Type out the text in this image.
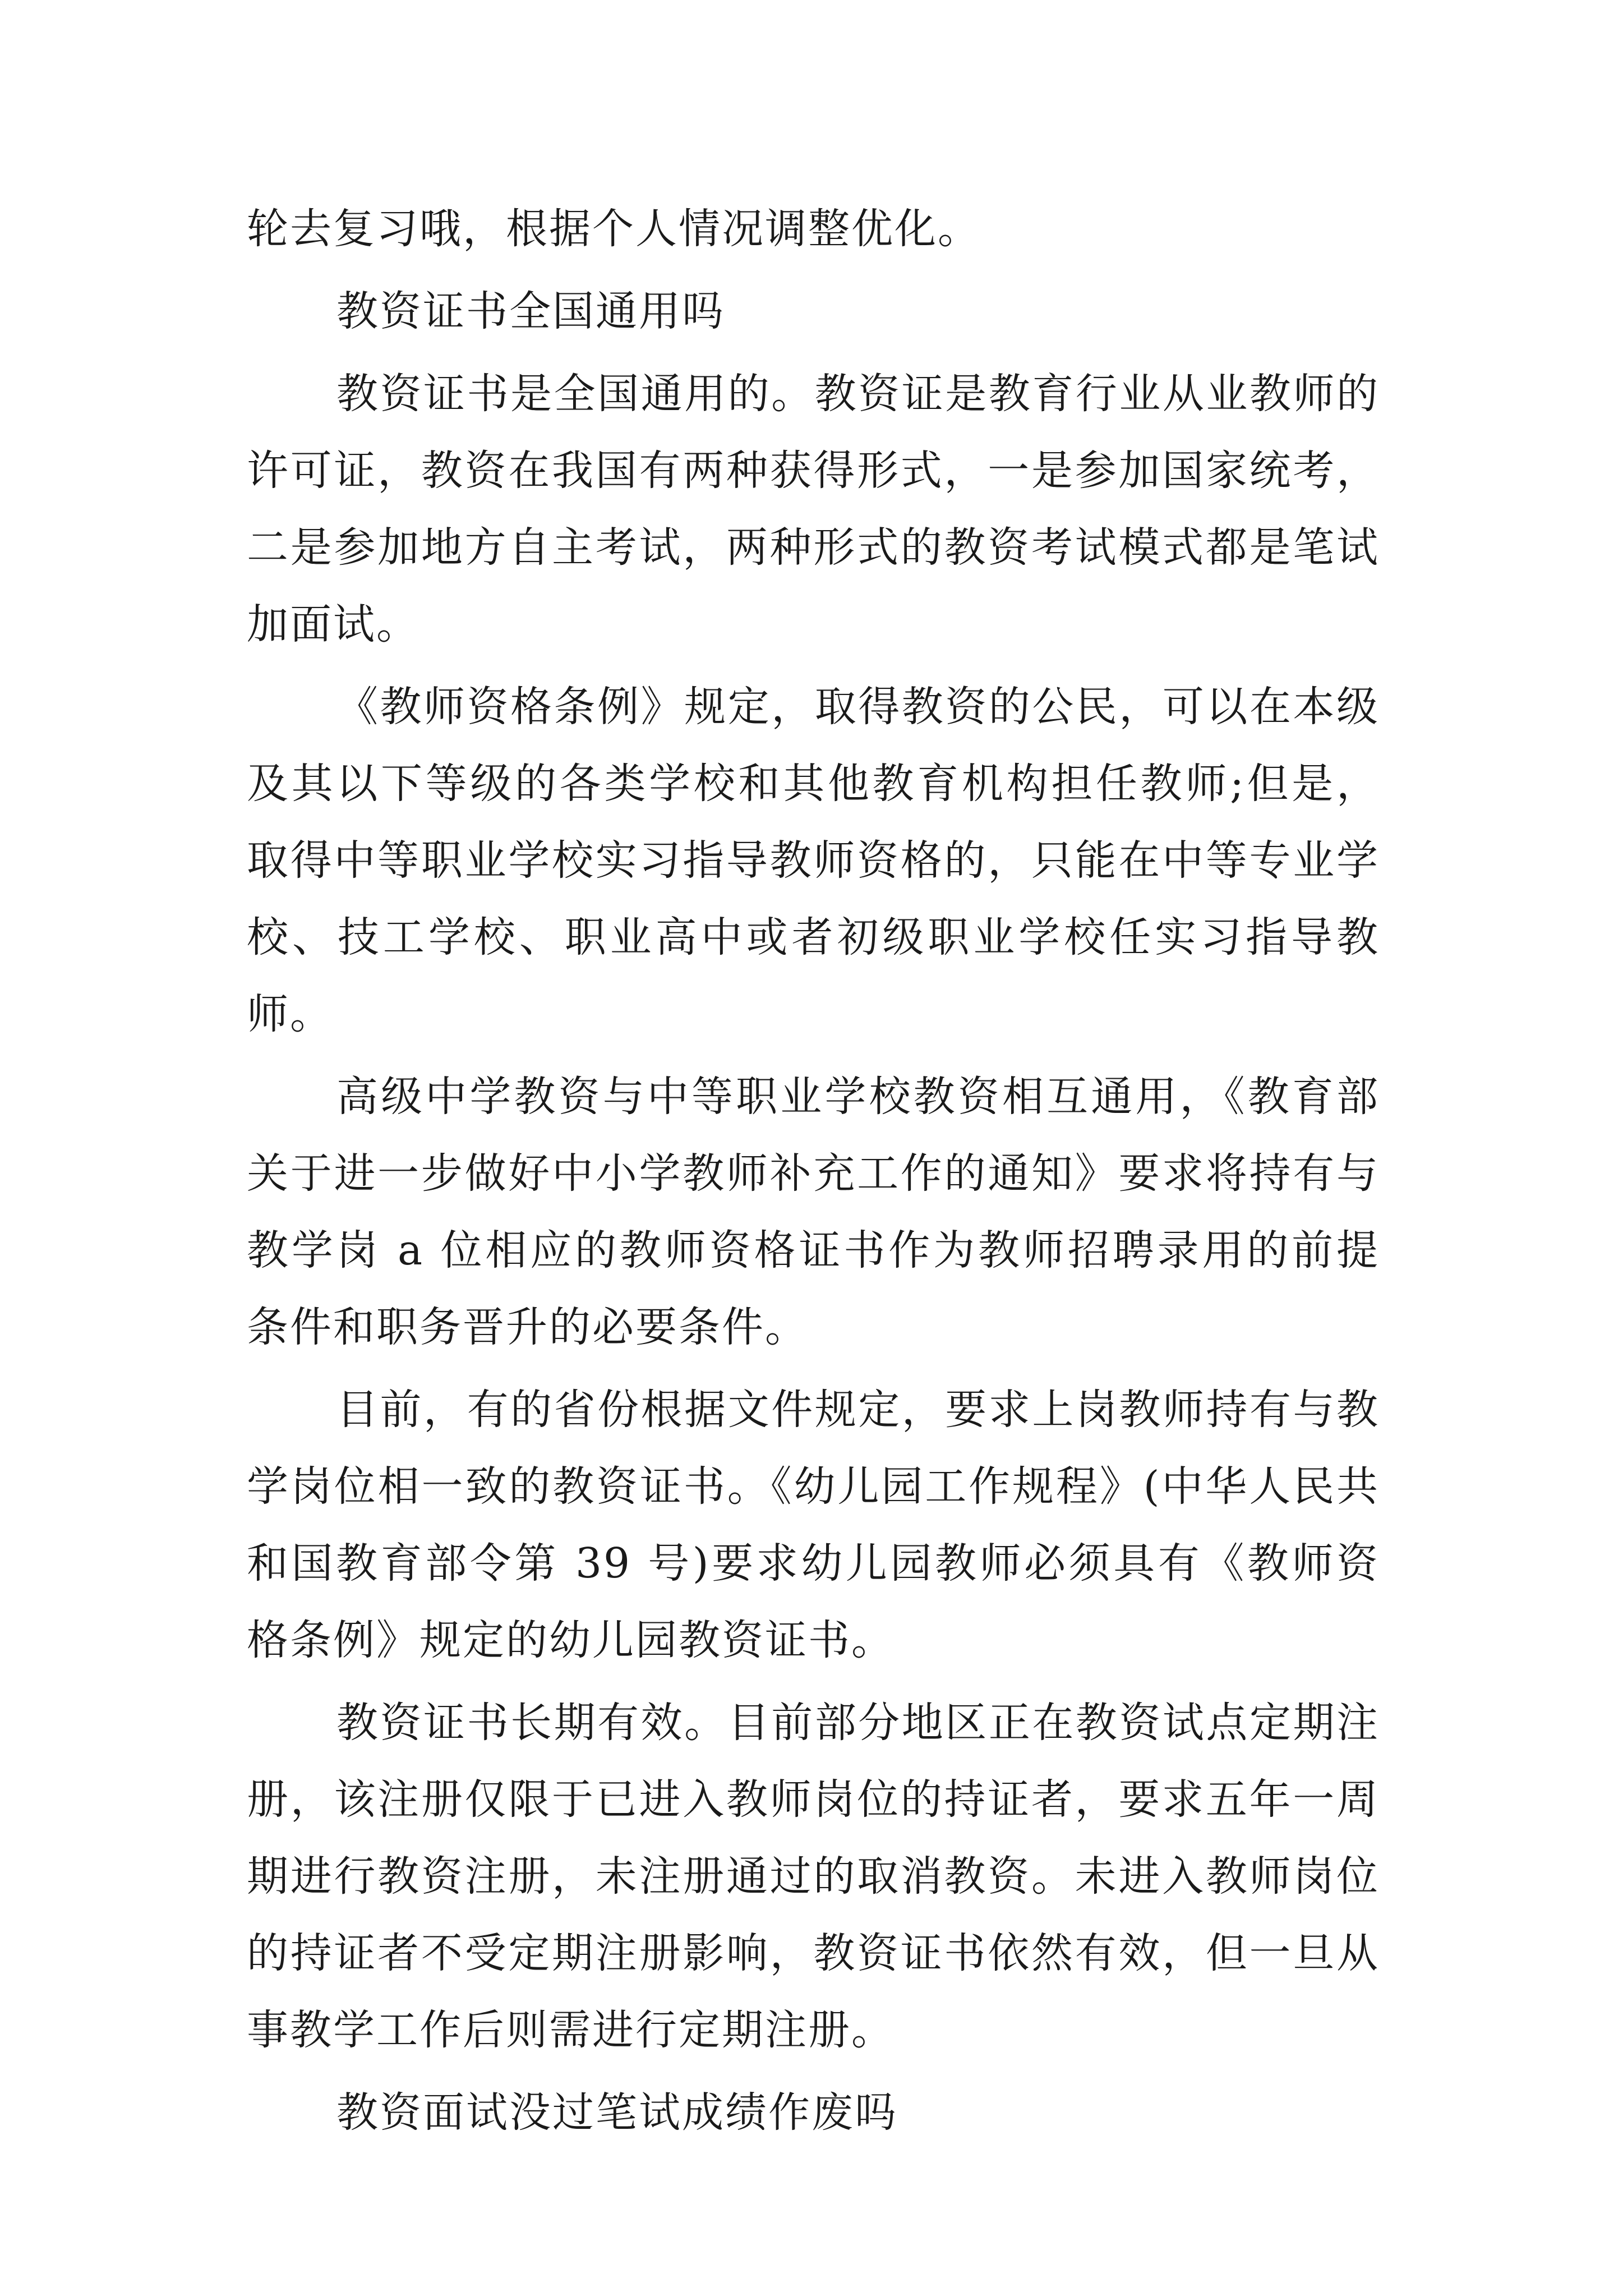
轮去复习哦，根据个人情况调整优化。

教资证书全国通用吗

教资证书是全国通用的。教资证是教育行业从业教师的许可证，教资在我国有两种获得形式，一是参加国家统考，二是参加地方自主考试，两种形式的教资考试模式都是笔试加面试。

《教师资格条例》规定，取得教资的公民，可以在本级及其以下等级的各类学校和其他教育机构担任教师;但是，取得中等职业学校实习指导教师资格的，只能在中等专业学校、技工学校、职业高中或者初级职业学校任实习指导教师。

高级中学教资与中等职业学校教资相互通用，《教育部关于进一步做好中小学教师补充工作的通知》要求将持有与教学岗 a 位相应的教师资格证书作为教师招聘录用的前提条件和职务晋升的必要条件。

目前，有的省份根据文件规定，要求上岗教师持有与教学岗位相一致的教资证书。《幼儿园工作规程》(中华人民共和国教育部令第 39 号)要求幼儿园教师必须具有《教师资格条例》规定的幼儿园教资证书。

教资证书长期有效。目前部分地区正在教资试点定期注册，该注册仅限于已进入教师岗位的持证者，要求五年一周期进行教资注册，未注册通过的取消教资。未进入教师岗位的持证者不受定期注册影响，教资证书依然有效，但一旦从事教学工作后则需进行定期注册。

教资面试没过笔试成绩作废吗
